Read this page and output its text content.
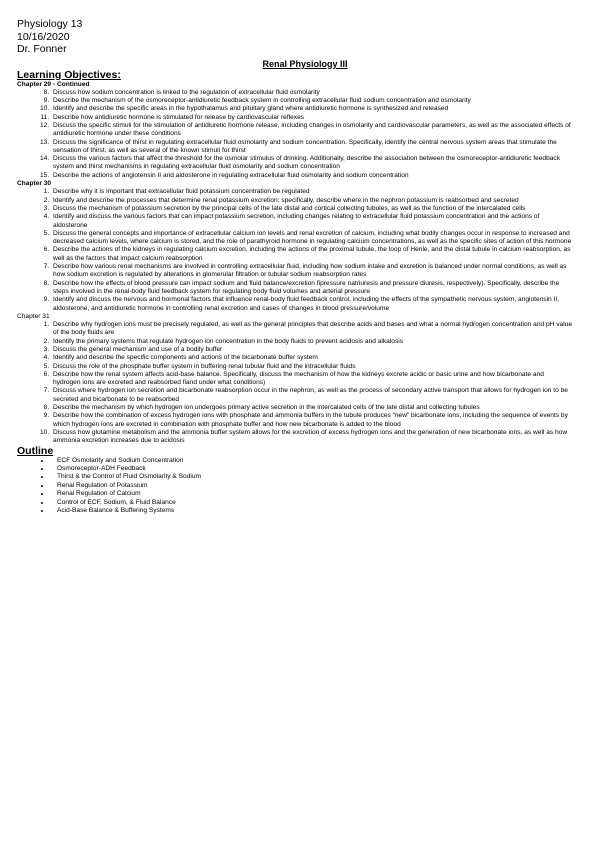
Physiology 13
10/16/2020
Dr. Fonner
Renal Physiology III
Learning Objectives:
Chapter 29 - Continued
8. Discuss how sodium concentration is linked to the regulation of extracellular fluid osmolarity
9. Describe the mechanism of the osmoreceptor-antidiuretic feedback system in controlling extracellular fluid sodium concentration and osmolarity
10. Identify and describe the specific areas in the hypothalamus and pituitary gland where antidiuretic hormone is synthesized and released
11. Describe how antidiuretic hormone is stimulated for release by cardiovascular reflexes
12. Discuss the specific stimuli for the stimulation of antidiuretic hormone release, including changes in osmolarity and cardiovascular parameters, as well as the associated effects of antidiuretic hormone under these conditions
13. Discuss the significance of thirst in regulating extracellular fluid osmolarity and sodium concentration. Specifically, identify the central nervous system areas that stimulate the sensation of thirst, as well as several of the known stimuli for thirst
14. Discuss the various factors that affect the threshold for the osmolar stimulus of drinking. Additionally, describe the association between the osmoreceptor-antidiuretic feedback system and thirst mechanisms in regulating extracellular fluid osmolarity and sodium concentration
15. Describe the actions of angiotensin II and aldosterone in regulating extracellular fluid osmolarity and sodium concentration
Chapter 30
1. Describe why it is important that extracellular fluid potassium concentration be regulated
2. Identify and describe the processes that determine renal potassium excretion; specifically, describe where in the nephron potassium is reabsorbed and secreted
3. Discuss the mechanism of potassium secretion by the principal cells of the late distal and cortical collecting tubules, as well as the function of the intercalated cells
4. Identify and discuss the various factors that can impact potassium secretion, including changes relating to extracellular fluid potassium concentration and the actions of aldosterone
5. Discuss the general concepts and importance of extracellular calcium ion levels and renal excretion of calcium, including what bodily changes occur in response to increased and decreased calcium levels, where calcium is stored, and the role of parathyroid hormone in regulating calcium concentrations, as well as the specific sites of action of this hormone
6. Describe the actions of the kidneys in regulating calcium excretion, including the actions of the proximal tubule, the loop of Henle, and the distal tubule in calcium reabsorption, as well as the factors that impact calcium reabsorption
7. Describe how various renal mechanisms are involved in controlling extracellular fluid, including how sodium intake and excretion is balanced under normal conditions, as well as how sodium excretion is regulated by alterations in glomerular filtration or tubular sodium reabsorption rates
8. Describe how the effects of blood pressure can impact sodium and fluid balance/excretion fipressure natriuresis and pressure diuresis, respectively). Specifically, describe the steps involved in the renal-body fluid feedback system for regulating body fluid volumes and arterial pressure
9. Identify and discuss the nervous and hormonal factors that influence renal-body fluid feedback control, including the effects of the sympathetic nervous system, angiotensin II, aldosterone, and antidiuretic hormone in controlling renal excretion and cases of changes in blood pressure/volume
Chapter 31
1. Describe why hydrogen ions must be precisely regulated, as well as the general principles that describe acids and bases and what a normal hydrogen concentration and pH value of the body fluids are
2. Identify the primary systems that regulate hydrogen ion concentration in the body fluids to prevent acidosis and alkalosis
3. Discuss the general mechanism and use of a bodily buffer
4. Identify and describe the specific components and actions of the bicarbonate buffer system
5. Discuss the role of the phosphate buffer system in buffering renal tubular fluid and the intracellular fluids
6. Describe how the renal system affects acid-base balance. Specifically, discuss the mechanism of how the kidneys excrete acidic or basic urine and how bicarbonate and hydrogen ions are excreted and reabsorbed fiand under what conditions)
7. Discuss where hydrogen ion secretion and bicarbonate reabsorption occur in the nephron, as well as the process of secondary active transport that allows for hydrogen ion to be secreted and bicarbonate to be reabsorbed
8. Describe the mechanism by which hydrogen ion undergoes primary active secretion in the intercalated cells of the late distal and collecting tubules
9. Describe how the combination of excess hydrogen ions with phosphate and ammonia buffers in the tubule produces “new” bicarbonate ions, including the sequence of events by which hydrogen ions are excreted in combination with phosphate buffer and how new bicarbonate is added to the blood
10. Discuss how glutamine metabolism and the ammonia buffer system allows for the excretion of excess hydrogen ions and the generation of new bicarbonate ions, as well as how ammonia excretion increases due to acidosis
Outline
• ECF Osmolarity and Sodium Concentration
• Osmoreceptor-ADH Feedback
• Thirst & the Control of Fluid Osmolarity & Sodium
• Renal Regulation of Potassium
• Renal Regulation of Calcium
• Control of ECF, Sodium, & Fluid Balance
• Acid-Base Balance & Buffering Systems
